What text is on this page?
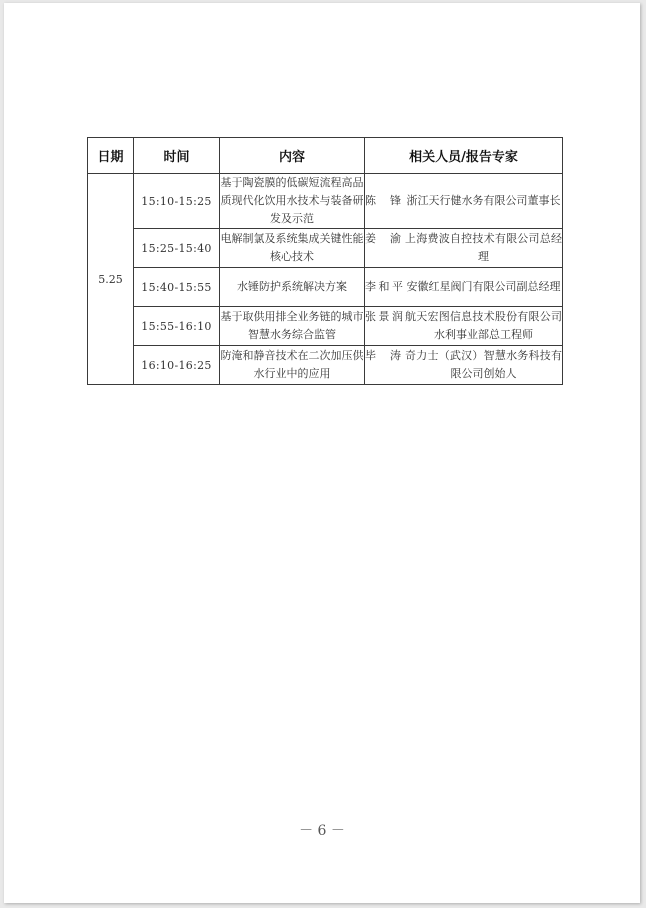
日期	时间	内容	相关人员/报告专家
5.25	15:10-15:25	基于陶瓷膜的低碳短流程高品质现代化饮用水技术与装备研发及示范	陈　锋 浙江天行健水务有限公司董事长

	15:25-15:40	电解制氯及系统集成关键性能核心技术	姜　渝 上海费波自控技术有限公司总经理

	15:40-15:55	水锤防护系统解决方案	李和平 安徽红星阀门有限公司副总经理

	15:55-16:10	基于取供用排全业务链的城市智慧水务综合监管	张景润 航天宏图信息技术股份有限公司水利事业部总工程师

	16:10-16:25	防淹和静音技术在二次加压供水行业中的应用	毕　涛 奇力士（武汉）智慧水务科技有限公司创始人
－ 6 －
